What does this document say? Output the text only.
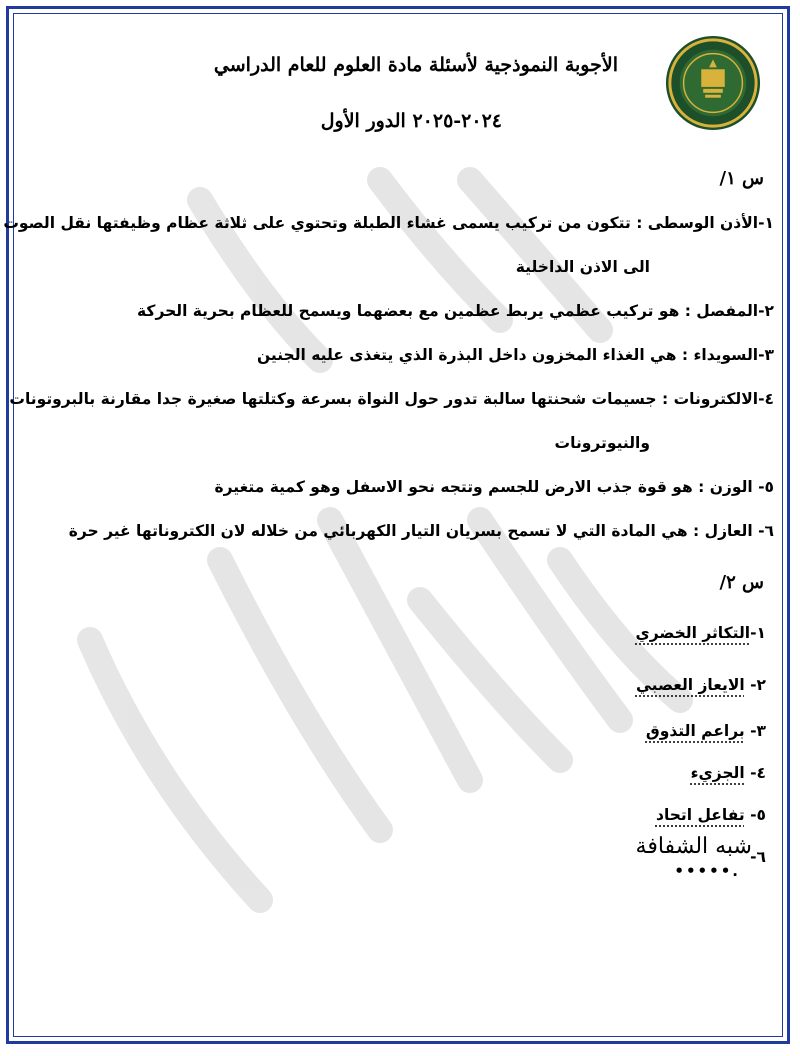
الأجوبة النموذجية لأسئلة مادة العلوم للعام الدراسي
٢٠٢٤-٢٠٢٥ الدور الأول
س ١/
١-الأذن الوسطى : تتكون من تركيب يسمى غشاء الطبلة وتحتوي على ثلاثة عظام وظيفتها نقل الصوت
الى الاذن الداخلية
٢-المفصل : هو تركيب عظمي يربط عظمين مع بعضهما ويسمح للعظام بحرية الحركة
٣-السويداء : هي الغذاء المخزون داخل البذرة الذي يتغذى عليه الجنين
٤-الالكترونات : جسيمات شحنتها سالبة تدور حول النواة بسرعة وكتلتها صغيرة جدا مقارنة بالبروتونات
والنيوترونات
٥- الوزن : هو قوة جذب الارض للجسم وتتجه نحو الاسفل وهو كمية متغيرة
٦- العازل : هي المادة التي لا تسمح بسريان التيار الكهربائي من خلاله لان الكتروناتها غير حرة
س ٢/
١-التكاثر الخضري
٢- الايعاز العصبي
٣- براعم التذوق
٤- الجزيء
٥- تفاعل اتحاد
٦-
شبه الشفافة
•••••.
